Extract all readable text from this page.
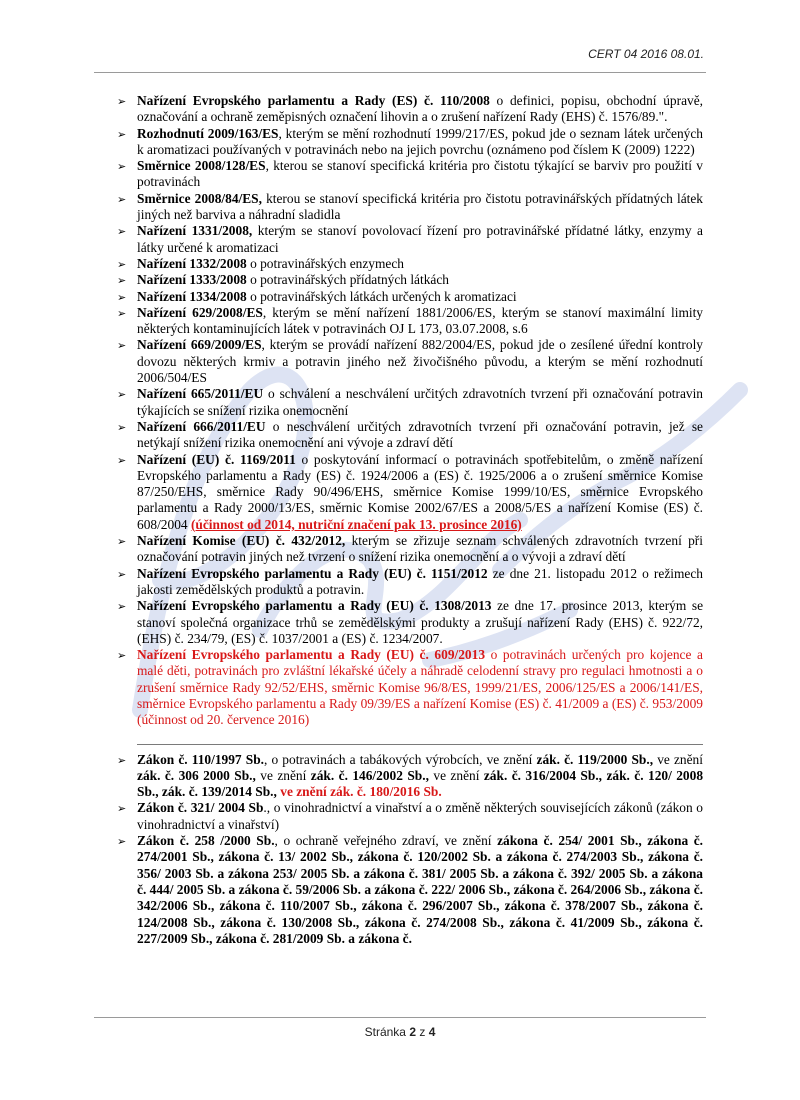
CERT 04 2016 08.01.

➢ Nařízení Evropského parlamentu a Rady (ES) č. 110/2008 o definici, popisu, obchodní úpravě, označování a ochraně zeměpisných označení lihovin a o zrušení nařízení Rady (EHS) č. 1576/89.".

➢ Rozhodnutí 2009/163/ES, kterým se mění rozhodnutí 1999/217/ES, pokud jde o seznam látek určených k aromatizaci používaných v potravinách nebo na jejich povrchu (oznámeno pod číslem K (2009) 1222)

➢ Směrnice 2008/128/ES, kterou se stanoví specifická kritéria pro čistotu týkající se barviv pro použití v potravinách

➢ Směrnice 2008/84/ES, kterou se stanoví specifická kritéria pro čistotu potravinářských přídatných látek jiných než barviva a náhradní sladidla

➢ Nařízení 1331/2008, kterým se stanoví povolovací řízení pro potravinářské přídatné látky, enzymy a látky určené k aromatizaci

➢ Nařízení 1332/2008 o potravinářských enzymech

➢ Nařízení 1333/2008 o potravinářských přídatných látkách

➢ Nařízení 1334/2008 o potravinářských látkách určených k aromatizaci

➢ Nařízení 629/2008/ES, kterým se mění nařízení 1881/2006/ES, kterým se stanoví maximální limity některých kontaminujících látek v potravinách OJ L 173, 03.07.2008, s.6

➢ Nařízení 669/2009/ES, kterým se provádí nařízení 882/2004/ES, pokud jde o zesílené úřední kontroly dovozu některých krmiv a potravin jiného než živočišného původu, a kterým se mění rozhodnutí 2006/504/ES

➢ Nařízení 665/2011/EU o schválení a neschválení určitých zdravotních tvrzení při označování potravin týkajících se snížení rizika onemocnění

➢ Nařízení 666/2011/EU o neschválení určitých zdravotních tvrzení při označování potravin, jež se netýkají snížení rizika onemocnění ani vývoje a zdraví dětí

➢ Nařízení (EU) č. 1169/2011 o poskytování informací o potravinách spotřebitelům, o změně nařízení Evropského parlamentu a Rady (ES) č. 1924/2006 a (ES) č. 1925/2006 a o zrušení směrnice Komise 87/250/EHS, směrnice Rady 90/496/EHS, směrnice Komise 1999/10/ES, směrnice Evropského parlamentu a Rady 2000/13/ES, směrnic Komise 2002/67/ES a 2008/5/ES a nařízení Komise (ES) č. 608/2004 (účinnost od 2014, nutriční značení pak 13. prosince 2016)

➢ Nařízení Komise (EU) č. 432/2012, kterým se zřizuje seznam schválených zdravotních tvrzení při označování potravin jiných než tvrzení o snížení rizika onemocnění a o vývoji a zdraví dětí

➢ Nařízení Evropského parlamentu a Rady (EU) č. 1151/2012 ze dne 21. listopadu 2012 o režimech jakosti zemědělských produktů a potravin.

➢ Nařízení Evropského parlamentu a Rady (EU) č. 1308/2013 ze dne 17. prosince 2013, kterým se stanoví společná organizace trhů se zemědělskými produkty a zrušují nařízení Rady (EHS) č. 922/72, (EHS) č. 234/79, (ES) č. 1037/2001 a (ES) č. 1234/2007.

➢ Nařízení Evropského parlamentu a Rady (EU) č. 609/2013 o potravinách určených pro kojence a malé děti, potravinách pro zvláštní lékařské účely a náhradě celodenní stravy pro regulaci hmotnosti a o zrušení směrnice Rady 92/52/EHS, směrnic Komise 96/8/ES, 1999/21/ES, 2006/125/ES a 2006/141/ES, směrnice Evropského parlamentu a Rady 09/39/ES a nařízení Komise (ES) č. 41/2009 a (ES) č. 953/2009 (účinnost od 20. července 2016)

➢ Zákon č. 110/1997 Sb., o potravinách a tabákových výrobcích, ve znění zák. č. 119/2000 Sb., ve znění zák. č. 306 2000 Sb., ve znění zák. č. 146/2002 Sb., ve znění zák. č. 316/2004 Sb., zák. č. 120/ 2008 Sb., zák. č. 139/2014 Sb., ve znění zák. č. 180/2016 Sb.

➢ Zákon č. 321/ 2004 Sb., o vinohradnictví a vinařství a o změně některých souvisejících zákonů (zákon o vinohradnictví a vinařství)

➢ Zákon č. 258 /2000 Sb., o ochraně veřejného zdraví, ve znění zákona č. 254/ 2001 Sb., zákona č. 274/2001 Sb., zákona č. 13/ 2002 Sb., zákona č. 120/2002 Sb. a zákona č. 274/2003 Sb., zákona č. 356/ 2003 Sb. a zákona 253/ 2005 Sb. a zákona č. 381/ 2005 Sb. a zákona č. 392/ 2005 Sb. a zákona č. 444/ 2005 Sb. a zákona č. 59/2006 Sb. a zákona č. 222/ 2006 Sb., zákona č. 264/2006 Sb., zákona č. 342/2006 Sb., zákona č. 110/2007 Sb., zákona č. 296/2007 Sb., zákona č. 378/2007 Sb., zákona č. 124/2008 Sb., zákona č. 130/2008 Sb., zákona č. 274/2008 Sb., zákona č. 41/2009 Sb., zákona č. 227/2009 Sb., zákona č. 281/2009 Sb. a zákona č.

Stránka 2 z 4
